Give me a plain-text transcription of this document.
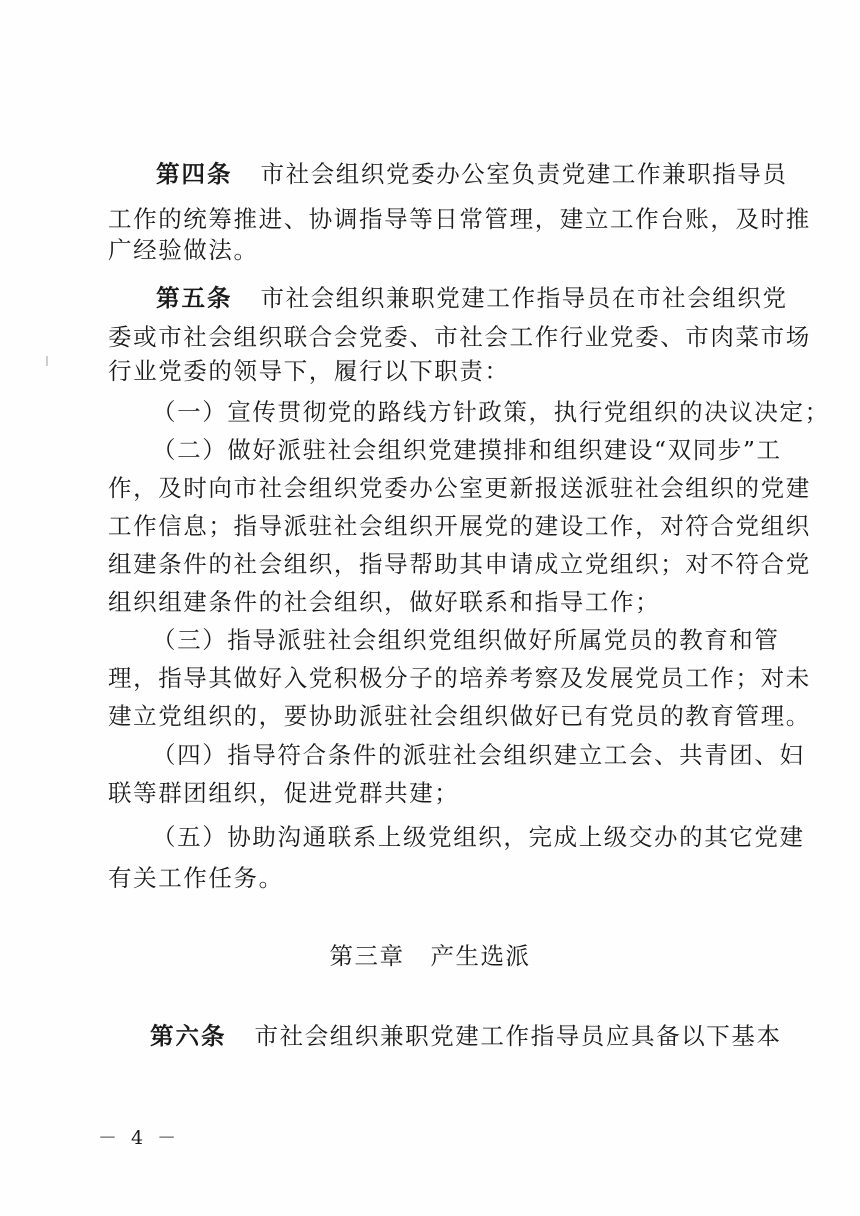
第四条 市社会组织党委办公室负责党建工作兼职指导员
工作的统筹推进、协调指导等日常管理，建立工作台账，及时推
广经验做法。
第五条 市社会组织兼职党建工作指导员在市社会组织党
委或市社会组织联合会党委、市社会工作行业党委、市肉菜市场
行业党委的领导下，履行以下职责：
（一）宣传贯彻党的路线方针政策，执行党组织的决议决定；
（二）做好派驻社会组织党建摸排和组织建设“双同步”工
作，及时向市社会组织党委办公室更新报送派驻社会组织的党建
工作信息；指导派驻社会组织开展党的建设工作，对符合党组织
组建条件的社会组织，指导帮助其申请成立党组织；对不符合党
组织组建条件的社会组织，做好联系和指导工作；
（三）指导派驻社会组织党组织做好所属党员的教育和管
理，指导其做好入党积极分子的培养考察及发展党员工作；对未
建立党组织的，要协助派驻社会组织做好已有党员的教育管理。
（四）指导符合条件的派驻社会组织建立工会、共青团、妇
联等群团组织，促进党群共建；
（五）协助沟通联系上级党组织，完成上级交办的其它党建
有关工作任务。
第三章 产生选派
第六条 市社会组织兼职党建工作指导员应具备以下基本
－ 4 －
